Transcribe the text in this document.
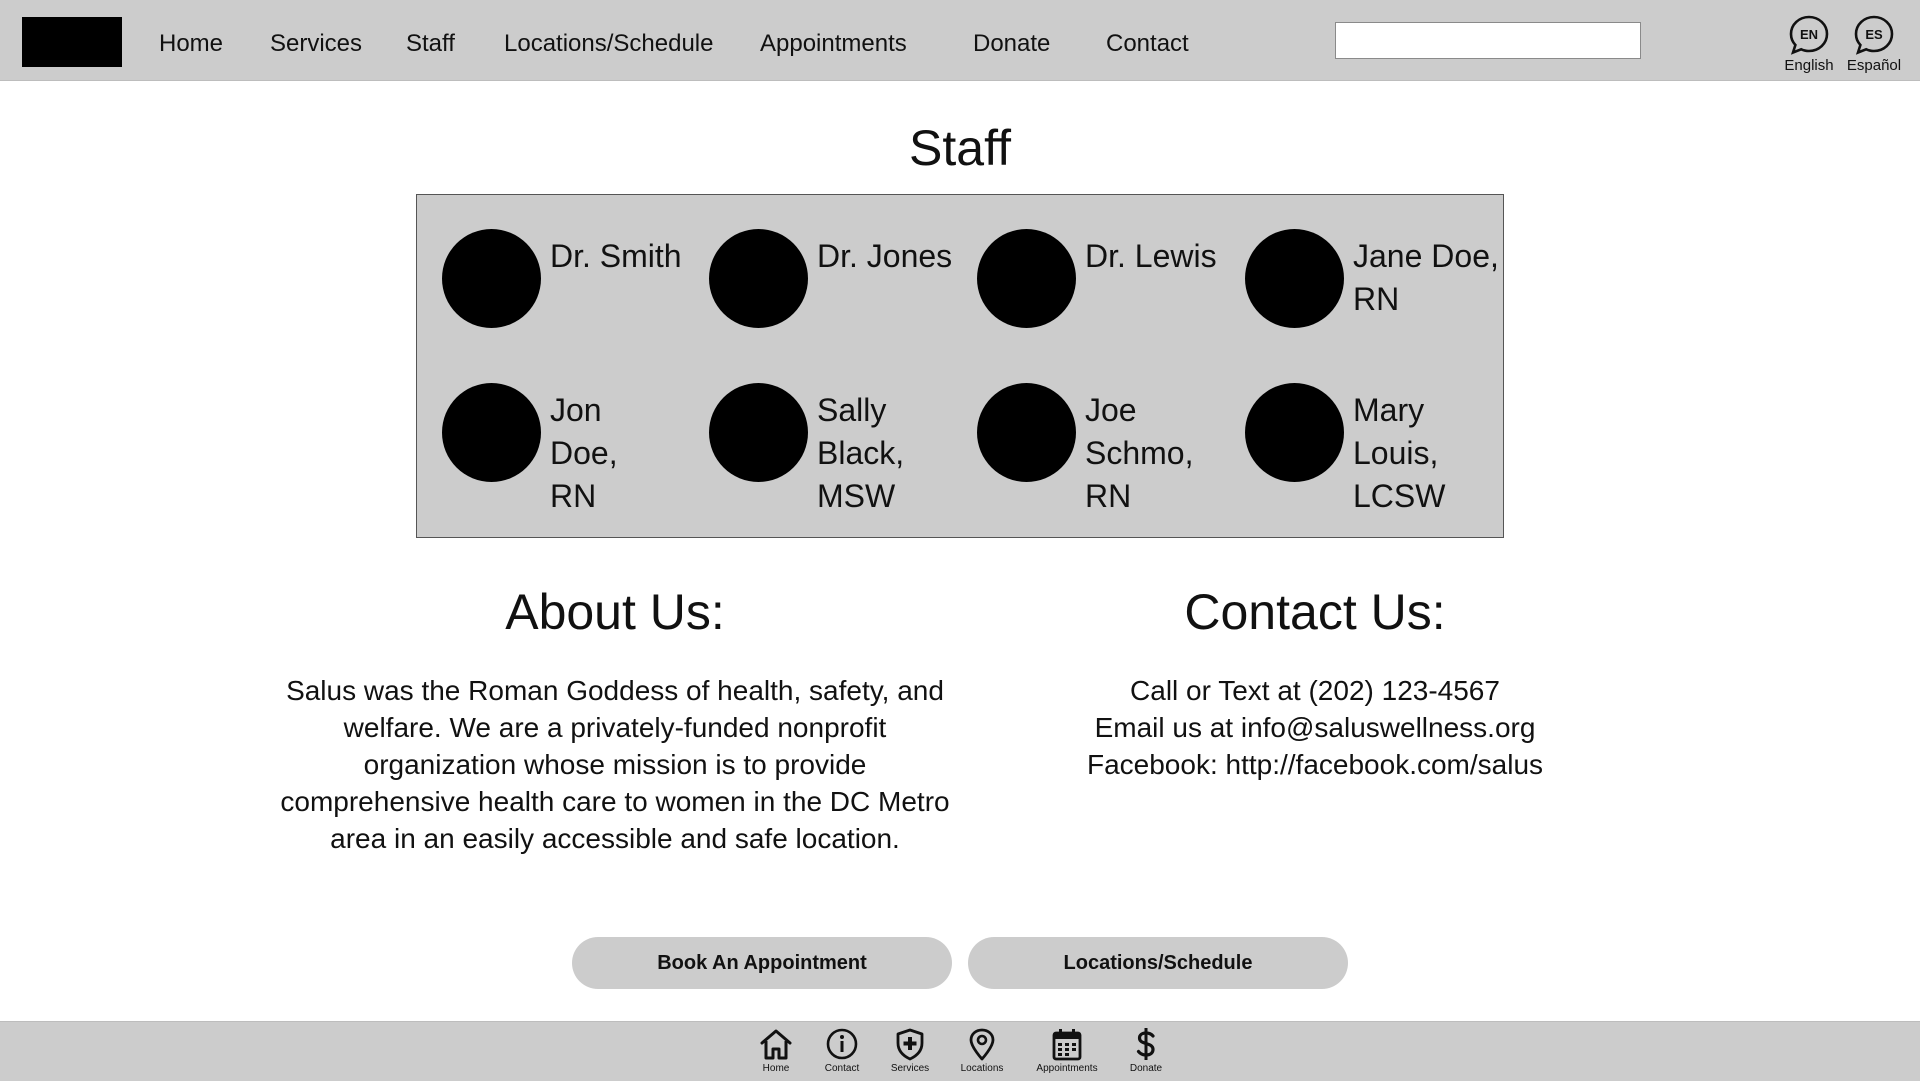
Home Services Staff Locations/Schedule Appointments	Donate Contact	EN
English
ES
Español
Staff
Dr. Smith	Dr. Jones	Dr. Lewis	Jane Doe, RN
Jon Doe, RN
Sally Black, MSW
Joe Schmo, RN
Mary Louis, LCSW
About Us:
Salus was the Roman Goddess of health, safety, and welfare. We are a privately-funded nonprofit organization whose mission is to provide comprehensive health care to women in the DC Metro area in an easily accessible and safe location.
Contact Us:
Call or Text at (202) 123-4567
Email us at info@saluswellness.org
Facebook: http://facebook.com/salus
Book An Appointment	Locations/Schedule
Home	Contact	Services	Locations	Appointments	Donate
